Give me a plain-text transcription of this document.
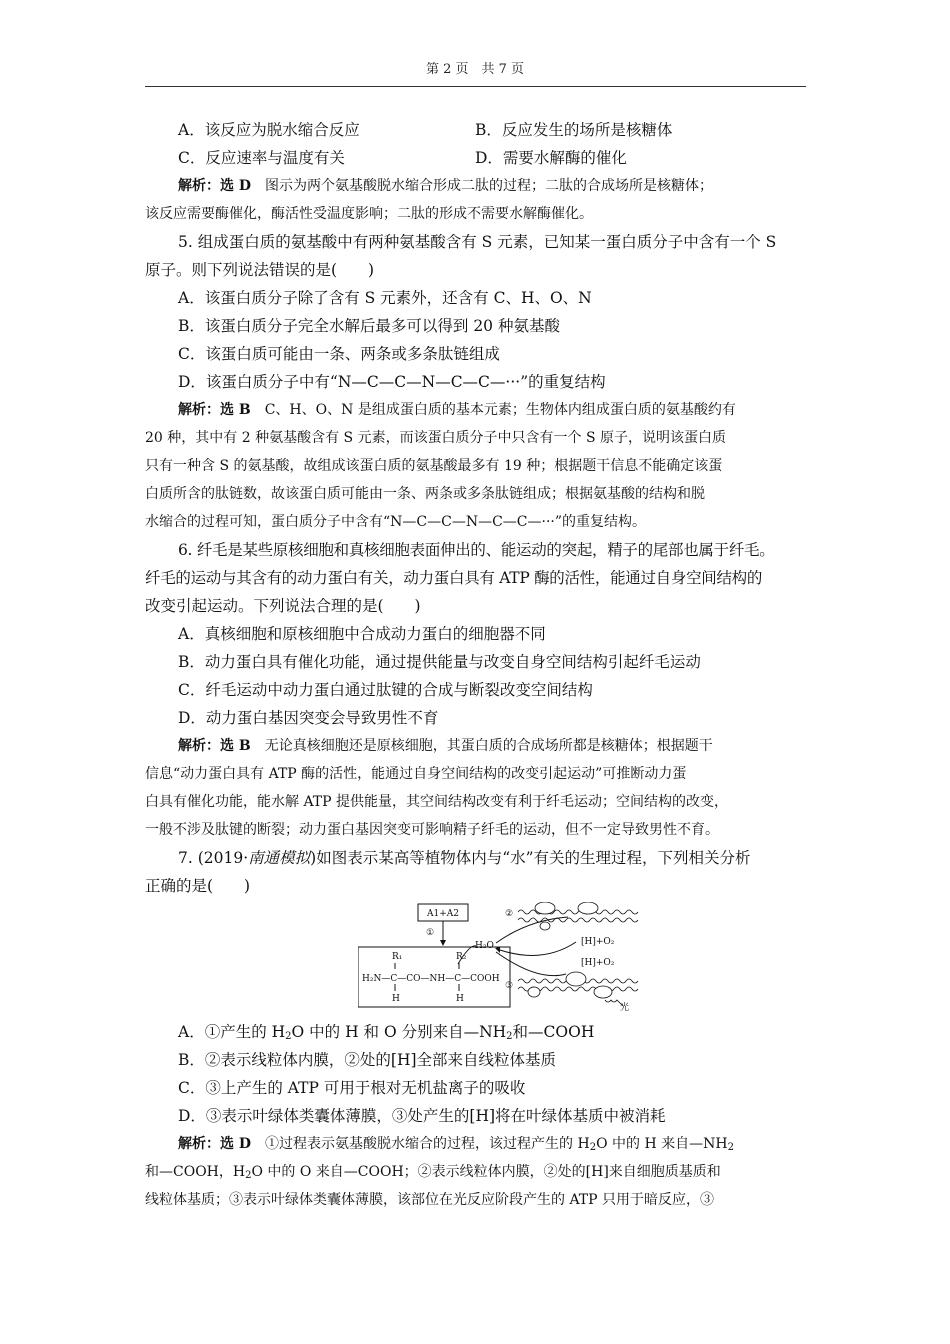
第 2 页　共 7 页
A．该反应为脱水缩合反应	B．反应发生的场所是核糖体
C．反应速率与温度有关	D．需要水解酶的催化
解析：选 D　 图示为两个氨基酸脱水缩合形成二肽的过程；二肽的合成场所是核糖体；
该反应需要酶催化，酶活性受温度影响；二肽的形成不需要水解酶催化。
5. 组成蛋白质的氨基酸中有两种氨基酸含有 S 元素，已知某一蛋白质分子中含有一个 S
原子。则下列说法错误的是(　　)
A．该蛋白质分子除了含有 S 元素外，还含有 C、H、O、N
B．该蛋白质分子完全水解后最多可以得到 20 种氨基酸
C．该蛋白质可能由一条、两条或多条肽链组成
D．该蛋白质分子中有“N—C—C—N—C—C—···”的重复结构
解析：选 B　 C、H、O、N 是组成蛋白质的基本元素；生物体内组成蛋白质的氨基酸约有
20 种，其中有 2 种氨基酸含有 S 元素，而该蛋白质分子中只含有一个 S 原子，说明该蛋白质
只有一种含 S 的氨基酸，故组成该蛋白质的氨基酸最多有 19 种；根据题干信息不能确定该蛋
白质所含的肽链数，故该蛋白质可能由一条、两条或多条肽链组成；根据氨基酸的结构和脱
水缩合的过程可知，蛋白质分子中含有“N—C—C—N—C—C—···”的重复结构。
6. 纤毛是某些原核细胞和真核细胞表面伸出的、能运动的突起，精子的尾部也属于纤毛。
纤毛的运动与其含有的动力蛋白有关，动力蛋白具有 ATP 酶的活性，能通过自身空间结构的
改变引起运动。下列说法合理的是(　　)
A．真核细胞和原核细胞中合成动力蛋白的细胞器不同
B．动力蛋白具有催化功能，通过提供能量与改变自身空间结构引起纤毛运动
C．纤毛运动中动力蛋白通过肽键的合成与断裂改变空间结构
D．动力蛋白基因突变会导致男性不育
解析：选 B　 无论真核细胞还是原核细胞，其蛋白质的合成场所都是核糖体；根据题干
信息“动力蛋白具有 ATP 酶的活性，能通过自身空间结构的改变引起运动”可推断动力蛋
白具有催化功能，能水解 ATP 提供能量，其空间结构改变有利于纤毛运动；空间结构的改变，
一般不涉及肽键的断裂；动力蛋白基因突变可影响精子纤毛的运动，但不一定导致男性不育。
7. (2019·南通模拟)如图表示某高等植物体内与“水”有关的生理过程，下列相关分析
正确的是(　　)
A1+A2
①
R₁	R₂
H₂N—C—CO—NH—C—COOH
H	H
H₂O
②
[H]+O₂
[H]+O₂
③
光
A．①产生的 $H_2O$ 中的 H 和 O 分别来自$—NH_2$和—COOH
B．②表示线粒体内膜，②处的[H]全部来自线粒体基质
C．③上产生的 ATP 可用于根对无机盐离子的吸收
D．③表示叶绿体类囊体薄膜，③处产生的[H]将在叶绿体基质中被消耗
解析：选 D　 ①过程表示氨基酸脱水缩合的过程，该过程产生的 $H_2O$ 中的 H 来自$—NH_2$
和—COOH，$H_2O$ 中的 O 来自—COOH；②表示线粒体内膜，②处的[H]来自细胞质基质和
线粒体基质；③表示叶绿体类囊体薄膜，该部位在光反应阶段产生的 ATP 只用于暗反应，③
